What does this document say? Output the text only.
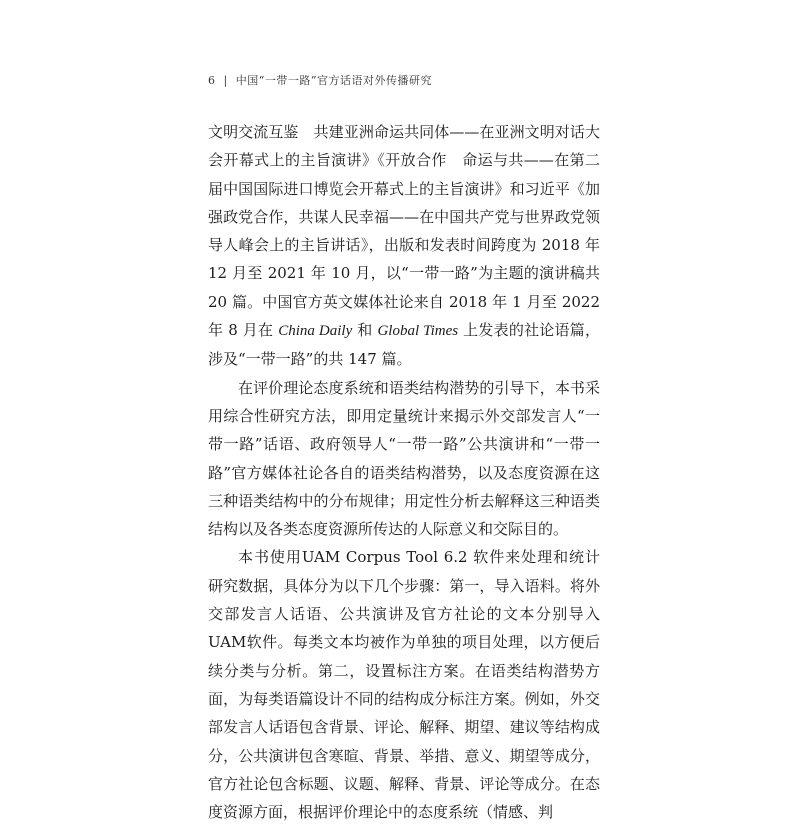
6 | 中国“一带一路”官方话语对外传播研究

文明交流互鉴　共建亚洲命运共同体——在亚洲文明对话大会开幕式上的主旨演讲》《开放合作　命运与共——在第二届中国国际进口博览会开幕式上的主旨演讲》和习近平《加强政党合作，共谋人民幸福——在中国共产党与世界政党领导人峰会上的主旨讲话》，出版和发表时间跨度为 2018 年 12 月至 2021 年 10 月，以“一带一路”为主题的演讲稿共 20 篇。中国官方英文媒体社论来自 2018 年 1 月至 2022 年 8 月在 China Daily 和 Global Times 上发表的社论语篇，涉及“一带一路”的共 147 篇。

在评价理论态度系统和语类结构潜势的引导下，本书采用综合性研究方法，即用定量统计来揭示外交部发言人“一带一路”话语、政府领导人“一带一路”公共演讲和“一带一路”官方媒体社论各自的语类结构潜势，以及态度资源在这三种语类结构中的分布规律；用定性分析去解释这三种语类结构以及各类态度资源所传达的人际意义和交际目的。

本书使用UAM Corpus Tool 6.2 软件来处理和统计研究数据，具体分为以下几个步骤：第一，导入语料。将外交部发言人话语、公共演讲及官方社论的文本分别导入UAM软件。每类文本均被作为单独的项目处理，以方便后续分类与分析。第二，设置标注方案。在语类结构潜势方面，为每类语篇设计不同的结构成分标注方案。例如，外交部发言人话语包含背景、评论、解释、期望、建议等结构成分，公共演讲包含寒暄、背景、举措、意义、期望等成分，官方社论包含标题、议题、解释、背景、评论等成分。在态度资源方面，根据评价理论中的态度系统（情感、判
